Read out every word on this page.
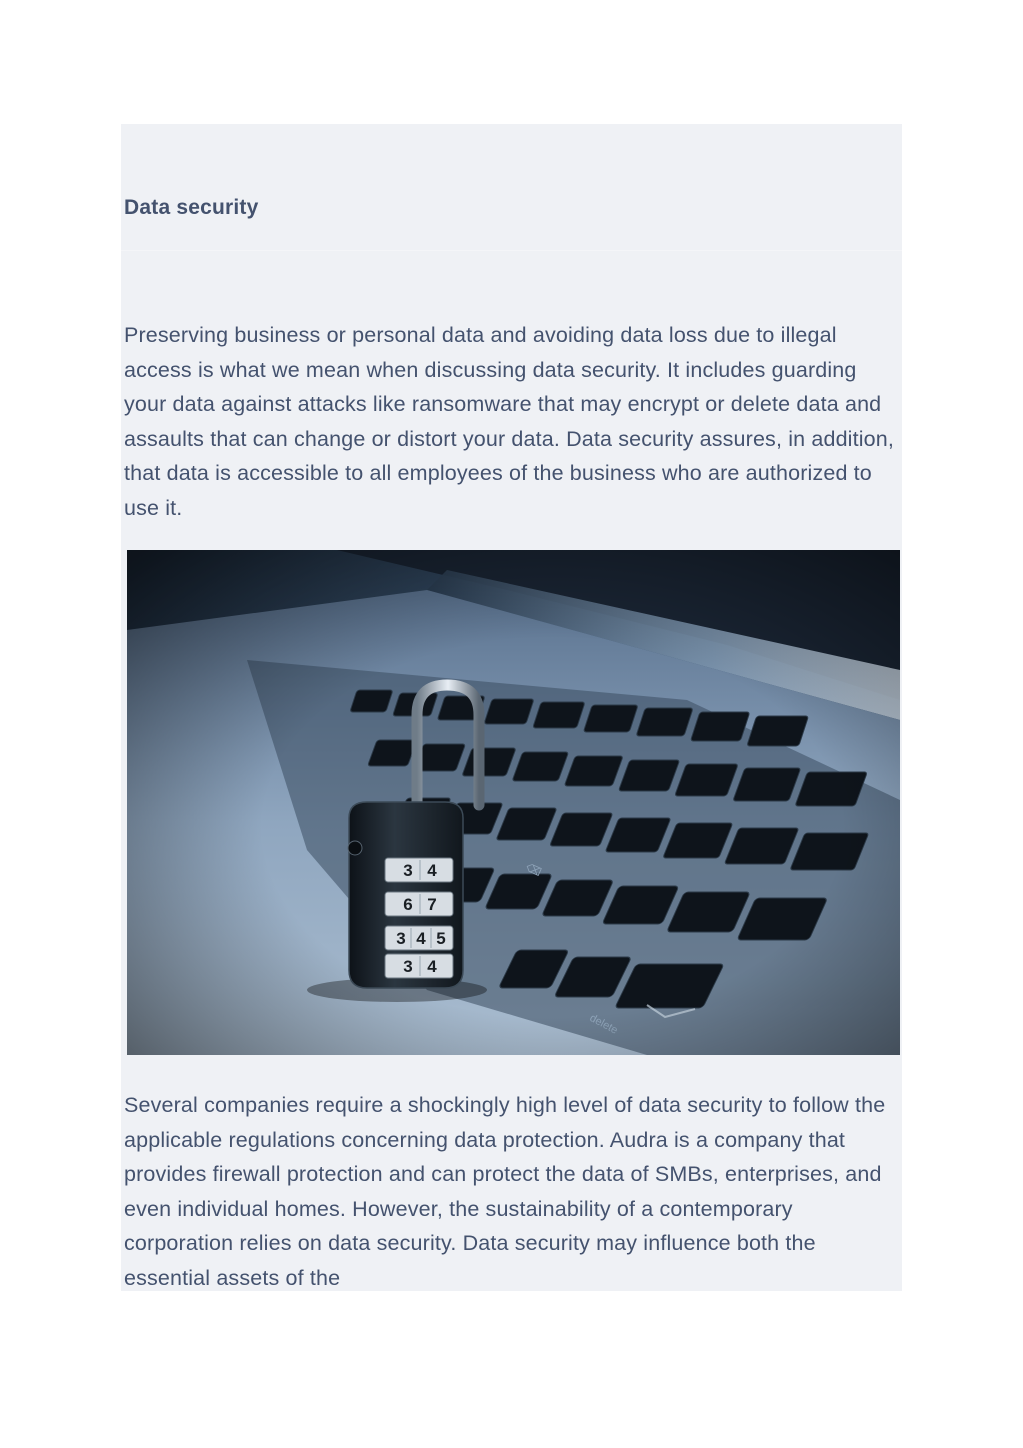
Data security

Preserving business or personal data and avoiding data loss due to illegal access is what we mean when discussing data security. It includes guarding your data against attacks like ransomware that may encrypt or delete data and assaults that can change or distort your data. Data security assures, in addition, that data is accessible to all employees of the business who are authorized to use it.

Several companies require a shockingly high level of data security to follow the applicable regulations concerning data protection. Audra is a company that provides firewall protection and can protect the data of SMBs, enterprises, and even individual homes. However, the sustainability of a contemporary corporation relies on data security. Data security may influence both the essential assets of the
